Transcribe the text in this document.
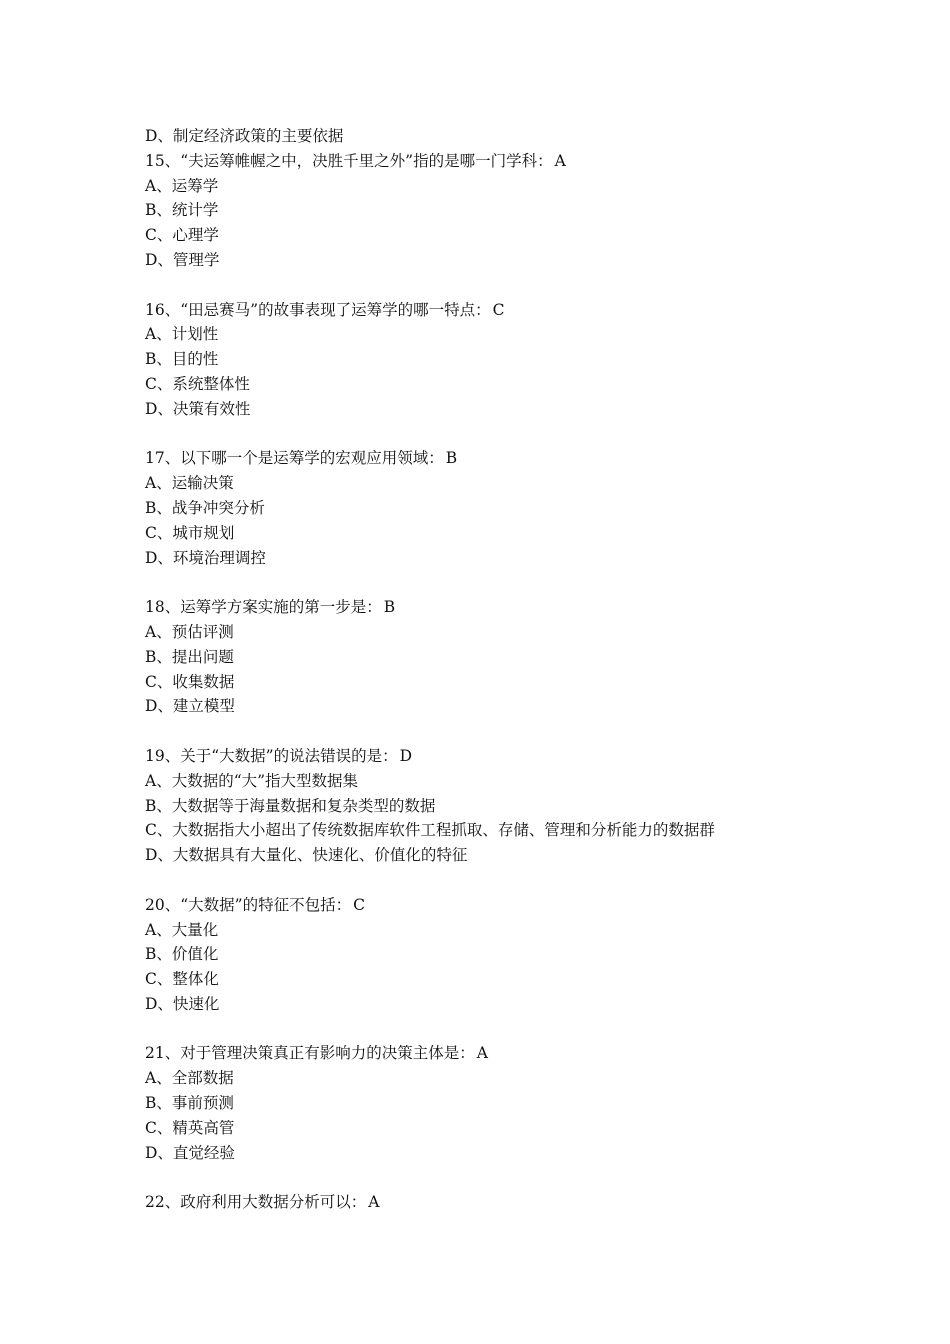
D、制定经济政策的主要依据
15、“夫运筹帷幄之中，决胜千里之外”指的是哪一门学科： A
A、运筹学
B、统计学
C、心理学
D、管理学
16、“田忌赛马”的故事表现了运筹学的哪一特点： C
A、计划性
B、目的性
C、系统整体性
D、决策有效性
17、以下哪一个是运筹学的宏观应用领域： B
A、运输决策
B、战争冲突分析
C、城市规划
D、环境治理调控
18、运筹学方案实施的第一步是： B
A、预估评测
B、提出问题
C、收集数据
D、建立模型
19、关于“大数据”的说法错误的是： D
A、大数据的“大”指大型数据集
B、大数据等于海量数据和复杂类型的数据
C、大数据指大小超出了传统数据库软件工程抓取、存储、管理和分析能力的数据群
D、大数据具有大量化、快速化、价值化的特征
20、“大数据”的特征不包括： C
A、大量化
B、价值化
C、整体化
D、快速化
21、对于管理决策真正有影响力的决策主体是： A
A、全部数据
B、事前预测
C、精英高管
D、直觉经验
22、政府利用大数据分析可以： A
